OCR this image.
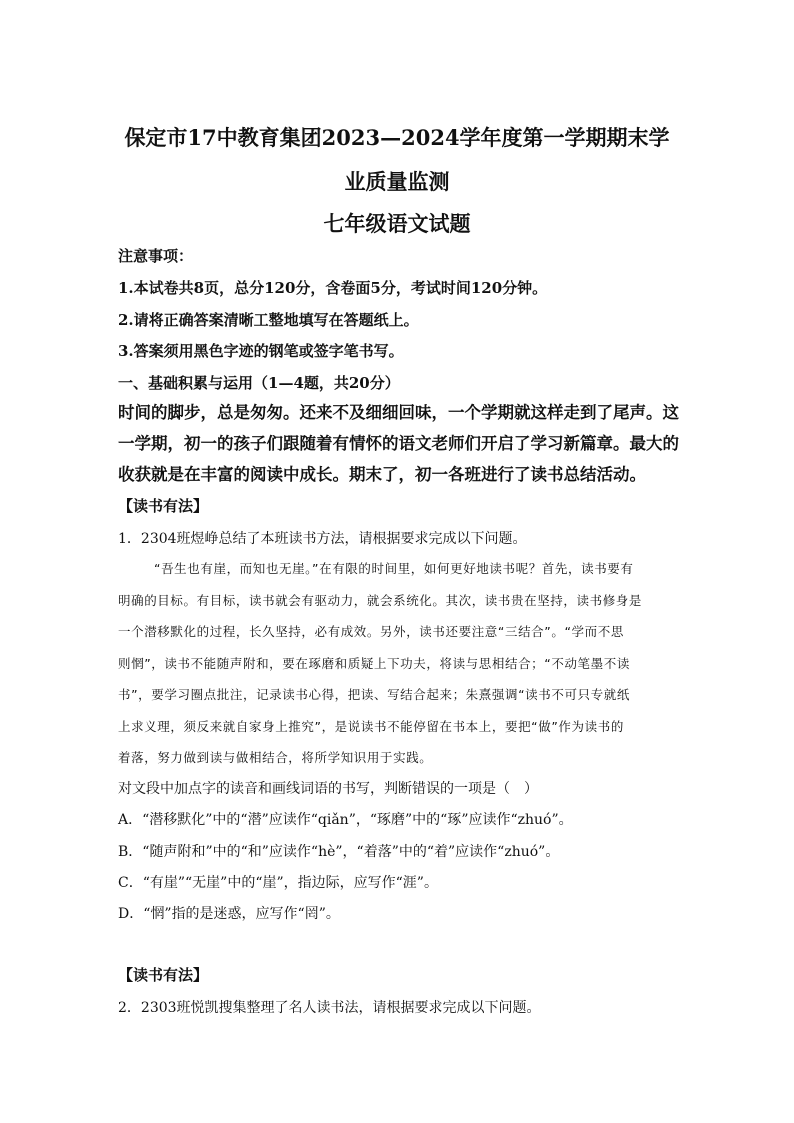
保定市17中教育集团2023—2024学年度第一学期期末学
业质量监测
七年级语文试题
注意事项：
1.本试卷共8页，总分120分，含卷面5分，考试时间120分钟。
2.请将正确答案清晰工整地填写在答题纸上。
3.答案须用黑色字迹的钢笔或签字笔书写。
一、基础积累与运用（1—4题，共20分）
时间的脚步，总是匆匆。还来不及细细回味，一个学期就这样走到了尾声。这
一学期，初一的孩子们跟随着有情怀的语文老师们开启了学习新篇章。最大的
收获就是在丰富的阅读中成长。期末了，初一各班进行了读书总结活动。
【读书有法】
1．2304班煜峥总结了本班读书方法，请根据要求完成以下问题。
“吾生也有崖，而知也无崖。”在有限的时间里，如何更好地读书呢？首先，读书要有
明确的目标。有目标，读书就会有驱动力，就会系统化。其次，读书贵在坚持，读书修身是
一个潜移默化的过程，长久坚持，必有成效。另外，读书还要注意“三结合”。“学而不思
则惘”，读书不能随声附和，要在琢磨和质疑上下功夫，将读与思相结合；“不动笔墨不读
书”，要学习圈点批注，记录读书心得，把读、写结合起来；朱熹强调“读书不可只专就纸
上求义理，须反来就自家身上推究”，是说读书不能停留在书本上，要把“做”作为读书的
着落，努力做到读与做相结合，将所学知识用于实践。
对文段中加点字的读音和画线词语的书写，判断错误的一项是（　）
A．“潜移默化”中的“潜”应读作“qiǎn”，“琢磨”中的“琢”应读作“zhuó”。
B．“随声附和”中的“和”应读作“hè”，“着落”中的“着”应读作“zhuó”。
C．“有崖”“无崖”中的“崖”，指边际，应写作“涯”。
D．“惘”指的是迷惑，应写作“罔”。
【读书有法】
2．2303班悦凯搜集整理了名人读书法，请根据要求完成以下问题。
